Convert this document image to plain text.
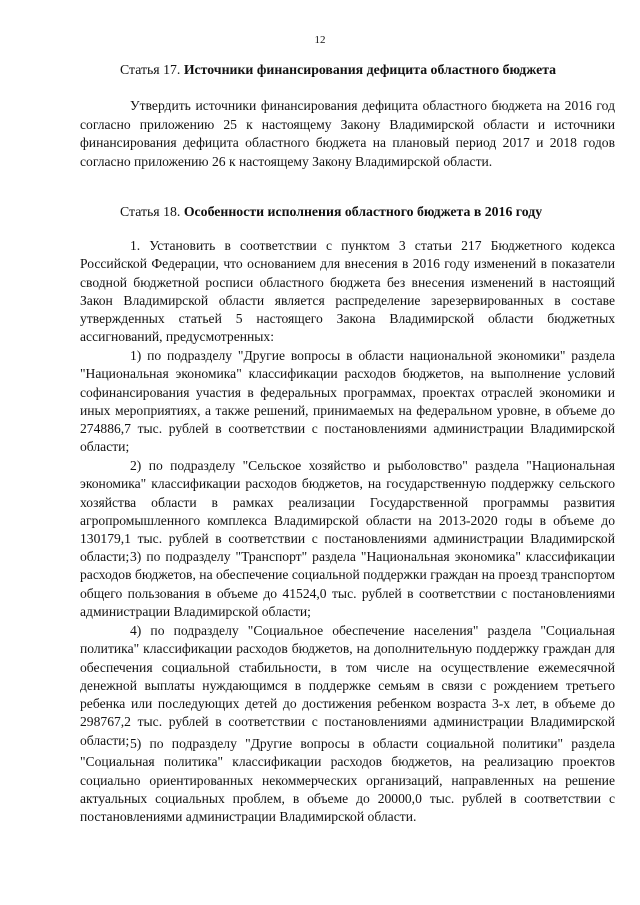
12
Статья 17. Источники финансирования дефицита областного бюджета

Утвердить источники финансирования дефицита областного бюджета на 2016 год согласно приложению 25 к настоящему Закону Владимирской области и источники финансирования дефицита областного бюджета на плановый период 2017 и 2018 годов согласно приложению 26 к настоящему Закону Владимирской области.

Статья 18. Особенности исполнения областного бюджета в 2016 году

1. Установить в соответствии с пунктом 3 статьи 217 Бюджетного кодекса Российской Федерации, что основанием для внесения в 2016 году изменений в показатели сводной бюджетной росписи областного бюджета без внесения изменений в настоящий Закон Владимирской области является распределение зарезервированных в составе утвержденных статьей 5 настоящего Закона Владимирской области бюджетных ассигнований, предусмотренных:

1) по подразделу "Другие вопросы в области национальной экономики" раздела "Национальная экономика" классификации расходов бюджетов, на выполнение условий софинансирования участия в федеральных программах, проектах отраслей экономики и иных мероприятиях, а также решений, принимаемых на федеральном уровне, в объеме до 274886,7 тыс. рублей в соответствии с постановлениями администрации Владимирской области;

2) по подразделу "Сельское хозяйство и рыболовство" раздела "Национальная экономика" классификации расходов бюджетов, на государственную поддержку сельского хозяйства области в рамках реализации Государственной программы развития агропромышленного комплекса Владимирской области на 2013-2020 годы в объеме до 130179,1 тыс. рублей в соответствии с постановлениями администрации Владимирской области; 3) по подразделу "Транспорт" раздела "Национальная экономика" классификации расходов бюджетов, на обеспечение социальной поддержки граждан на проезд транспортом общего пользования в объеме до 41524,0 тыс. рублей в соответствии с постановлениями администрации Владимирской области;

4) по подразделу "Социальное обеспечение населения" раздела "Социальная политика" классификации расходов бюджетов, на дополнительную поддержку граждан для обеспечения социальной стабильности, в том числе на осуществление ежемесячной денежной выплаты нуждающимся в поддержке семьям в связи с рождением третьего ребенка или последующих детей до достижения ребенком возраста 3-х лет, в объеме до 298767,2 тыс. рублей в соответствии с постановлениями администрации Владимирской области; 5) по подразделу "Другие вопросы в области социальной политики" раздела "Социальная политика" классификации расходов бюджетов, на реализацию проектов социально ориентированных некоммерческих организаций, направленных на решение актуальных социальных проблем, в объеме до 20000,0 тыс. рублей в соответствии с постановлениями администрации Владимирской области.
